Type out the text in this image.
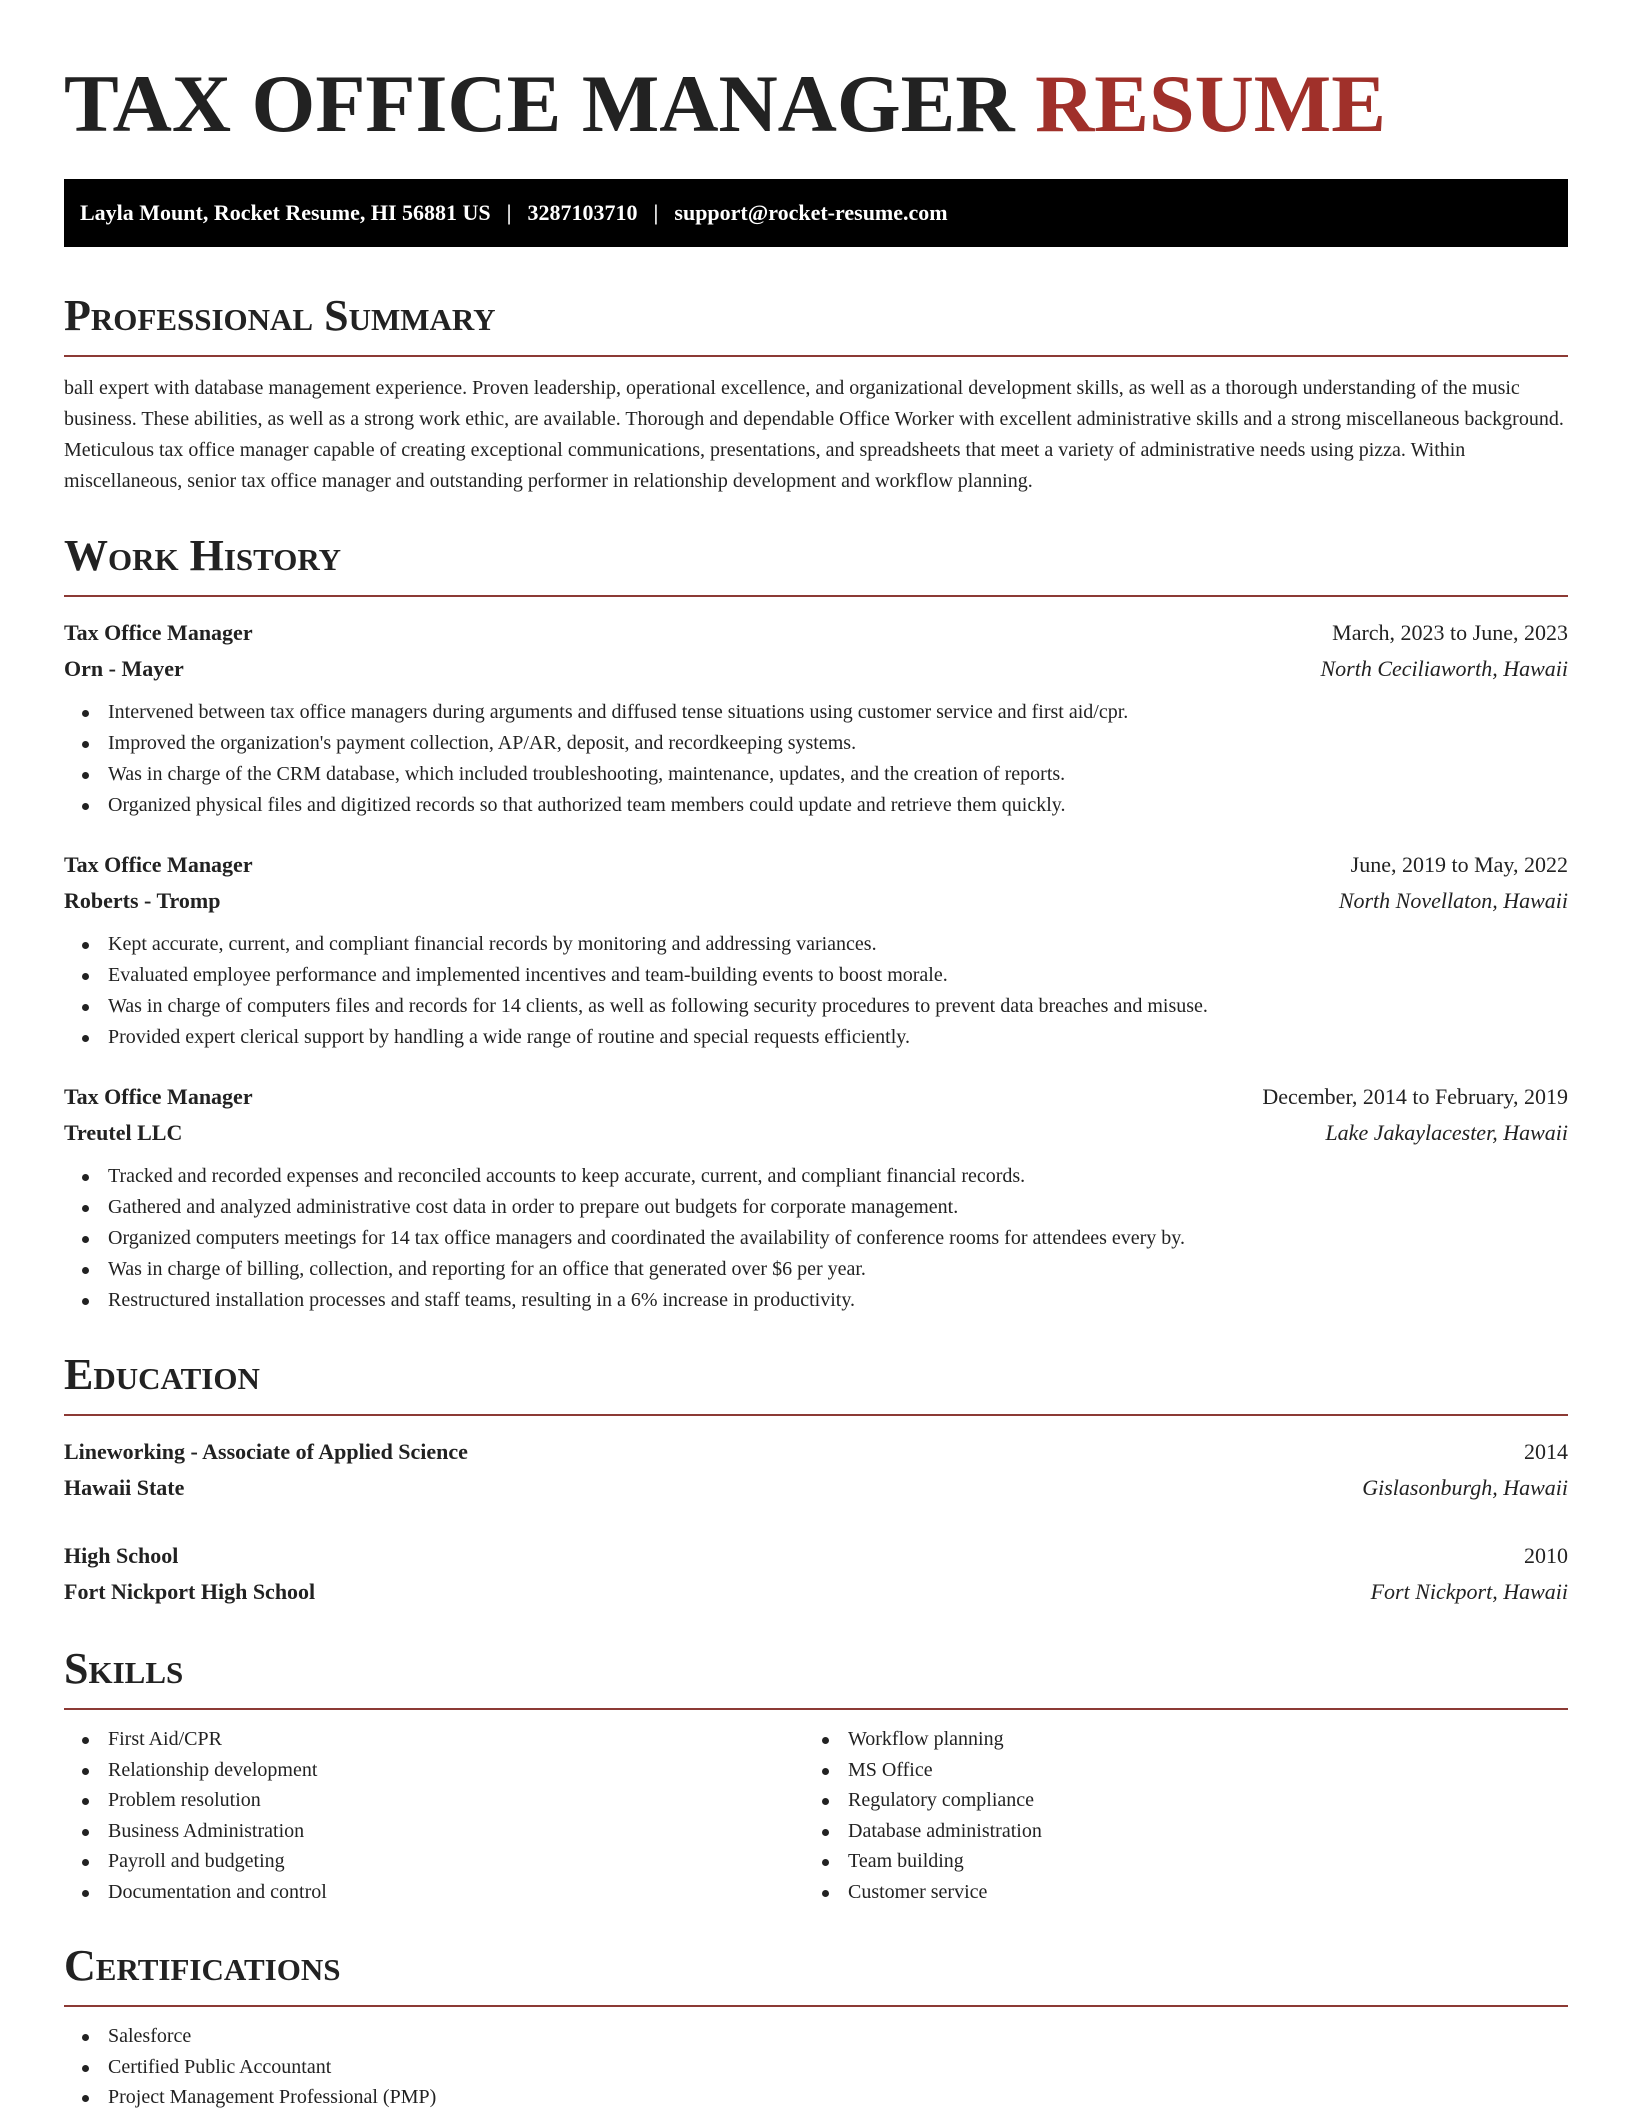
TAX OFFICE MANAGER RESUME
Layla Mount, Rocket Resume, HI 56881 US | 3287103710 | support@rocket-resume.com
Professional Summary

ball expert with database management experience. Proven leadership, operational excellence, and organizational development skills, as well as a thorough understanding of the music business. These abilities, as well as a strong work ethic, are available. Thorough and dependable Office Worker with excellent administrative skills and a strong miscellaneous background. Meticulous tax office manager capable of creating exceptional communications, presentations, and spreadsheets that meet a variety of administrative needs using pizza. Within miscellaneous, senior tax office manager and outstanding performer in relationship development and workflow planning.

Work History
Tax Office Manager	March, 2023 to June, 2023
Orn - Mayer	North Ceciliaworth, Hawaii
Intervened between tax office managers during arguments and diffused tense situations using customer service and first aid/cpr.
Improved the organization's payment collection, AP/AR, deposit, and recordkeeping systems.
Was in charge of the CRM database, which included troubleshooting, maintenance, updates, and the creation of reports.
Organized physical files and digitized records so that authorized team members could update and retrieve them quickly.
Tax Office Manager	June, 2019 to May, 2022
Roberts - Tromp	North Novellaton, Hawaii
Kept accurate, current, and compliant financial records by monitoring and addressing variances.
Evaluated employee performance and implemented incentives and team-building events to boost morale.
Was in charge of computers files and records for 14 clients, as well as following security procedures to prevent data breaches and misuse.
Provided expert clerical support by handling a wide range of routine and special requests efficiently.
Tax Office Manager	December, 2014 to February, 2019
Treutel LLC	Lake Jakaylacester, Hawaii
Tracked and recorded expenses and reconciled accounts to keep accurate, current, and compliant financial records.
Gathered and analyzed administrative cost data in order to prepare out budgets for corporate management.
Organized computers meetings for 14 tax office managers and coordinated the availability of conference rooms for attendees every by.
Was in charge of billing, collection, and reporting for an office that generated over $6 per year.
Restructured installation processes and staff teams, resulting in a 6% increase in productivity.
Education
Lineworking - Associate of Applied Science	2014
Hawaii State	Gislasonburgh, Hawaii
High School	2010
Fort Nickport High School	Fort Nickport, Hawaii
Skills
First Aid/CPR
Relationship development
Problem resolution
Business Administration
Payroll and budgeting
Documentation and control
Workflow planning
MS Office
Regulatory compliance
Database administration
Team building
Customer service
Certifications
Salesforce
Certified Public Accountant
Project Management Professional (PMP)
